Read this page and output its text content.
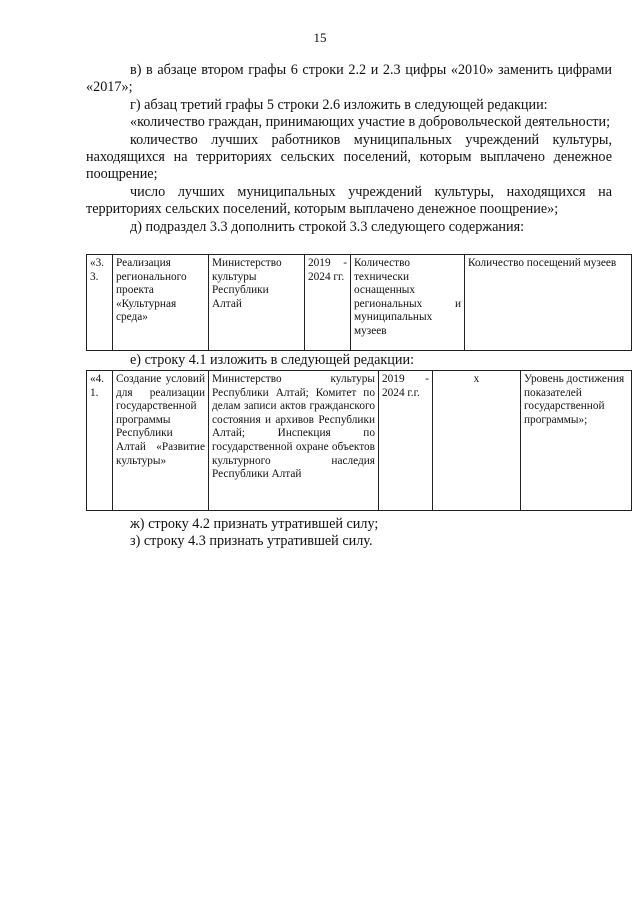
15

в) в абзаце втором графы 6 строки 2.2 и 2.3 цифры «2010» заменить цифрами «2017»;

г) абзац третий графы 5 строки 2.6 изложить в следующей редакции:

«количество граждан, принимающих участие в добровольческой деятельности;

количество лучших работников муниципальных учреждений культуры, находящихся на территориях сельских поселений, которым выплачено денежное поощрение;

число лучших муниципальных учреждений культуры, находящихся на территориях сельских поселений, которым выплачено денежное поощрение»;

д) подраздел 3.3 дополнить строкой 3.3 следующего содержания:

«3. 3.	Реализация регионального проекта «Культурная среда»	Министерство культуры Республики Алтай	2019 - 2024 гг.	Количество технически оснащенных региональных и муниципальных музеев	Количество посещений музеев

е) строку 4.1 изложить в следующей редакции:

«4. 1.	Создание условий для реализации государственной программы Республики Алтай «Развитие культуры»	Министерство культуры Республики Алтай; Комитет по делам записи актов гражданского состояния и архивов Республики Алтай; Инспекция по государственной охране объектов культурного наследия Республики Алтай	2019 - 2024 г.г.	х	Уровень достижения показателей государственной программы»;

ж) строку 4.2 признать утратившей силу;

з) строку 4.3 признать утратившей силу.
